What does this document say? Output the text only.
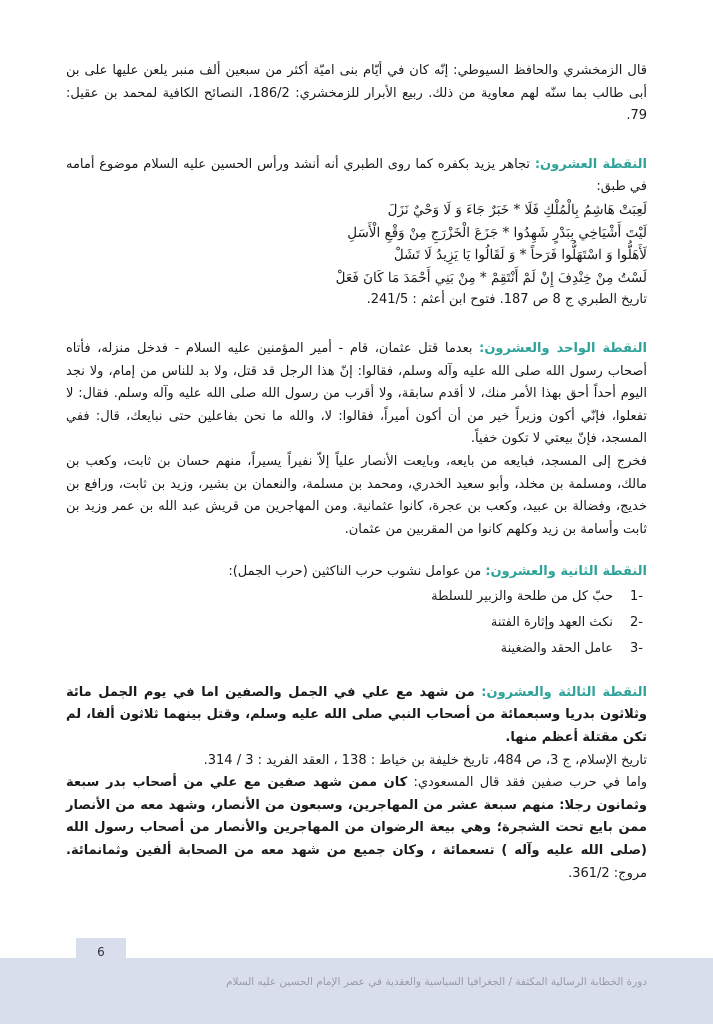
قال الزمخشري والحافظ السيوطي: إنّه كان في أيّام بنى اميّة أكثر من سبعين ألف منبر يلعن عليها على بن أبى طالب بما سنّه لهم معاوية من ذلك. ربيع الأبرار للزمخشري: 186/2، النصائح الكافية لمحمد بن عقيل: 79.

النقطة العشرون: تجاهر يزيد بكفره كما روى الطبري أنه أنشد ورأس الحسين عليه السلام موضوع أمامه في طبق:

لَعِبَتْ هَاشِمُ بِالْمُلْكِ فَلَا * خَبَرٌ جَاءَ وَ لَا وَحْيٌ نَزَلَ
لَيْتَ أَشْيَاخِي بِبَدْرٍ شَهِدُوا * جَزَعَ الْخَزْرَجِ مِنْ وَقْعِ الْأَسَلِ
لَأَهَلُّوا وَ اسْتَهَلُّوا فَرَحاً * وَ لَقَالُوا يَا يَزِيدُ لَا تَشَلْ
لَسْتُ مِنْ خِنْدِفَ إِنْ لَمْ أَنْتَقِمْ * مِنْ بَنِي أَحْمَدَ مَا كَانَ فَعَلْ

تاريخ الطبري ج 8 ص 187. فتوح ابن أعثم : 241/5.

النقطة الواحد والعشرون: بعدما قتل عثمان، قام - أمير المؤمنين عليه السلام - فدخل منزله، فأتاه أصحاب رسول الله صلى الله عليه وآله وسلم، فقالوا: إنّ هذا الرجل قد قتل، ولا بد للناس من إمام، ولا نجد اليوم أحداً أحق بهذا الأمر منك، لا أقدم سابقة، ولا أقرب من رسول الله صلى الله عليه وآله وسلم. فقال: لا تفعلوا، فإنّي أكون وزيراً خير من أن أكون أميراً، فقالوا: لا، والله ما نحن بفاعلين حتى نبايعك، قال: ففي المسجد، فإنّ بيعتي لا تكون خفياً.

فخرج إلى المسجد، فبايعه من بايعه، وبايعت الأنصار علياً إلاّ نفيراً يسيراً، منهم حسان بن ثابت، وكعب بن مالك، ومسلمة بن مخلد، وأبو سعيد الخدري، ومحمد بن مسلمة، والنعمان بن بشير، وزيد بن ثابت، ورافع بن خديج، وفضالة بن عبيد، وكعب بن عجرة، كانوا عثمانية. ومن المهاجرين من قريش عبد الله بن عمر وزيد بن ثابت وأسامة بن زيد وكلهم كانوا من المقربين من عثمان.

النقطة الثانية والعشرون: من عوامل نشوب حرب الناكثين (حرب الجمل):

-1
حبّ كل من طلحة والزبير للسلطة
-2
نكث العهد وإثارة الفتنة
-3
عامل الحقد والضغينة

النقطة الثالثة والعشرون: من شهد مع علي في الجمل والصفين اما في يوم الجمل مائة وثلاثون بدريا وسبعمائة من أصحاب النبي صلى الله عليه وسلم، وقتل بينهما ثلاثون ألفا، لم تكن مقتلة أعظم منها.

تاريخ الإسلام، ج 3، ص 484، تاريخ خليفة بن خياط : 138 ، العقد الفريد : 3 / 314.

واما في حرب صفين فقد قال المسعودي: كان ممن شهد صفين مع علي من أصحاب بدر سبعة وثمانون رجلا: منهم سبعة عشر من المهاجرين، وسبعون من الأنصار، وشهد معه من الأنصار ممن بايع تحت الشجرة؛ وهي بيعة الرضوان من المهاجرين والأنصار من أصحاب رسول الله (صلى الله عليه وآله ) تسعمائة ، وكان جميع من شهد معه من الصحابة ألفين وثمانمائة. مروج: 361/2.

6
دورة الخطابة الرسالية المكثفة / الجغرافيا السياسية والعقدية في عصر الإمام الحسين عليه السلام
